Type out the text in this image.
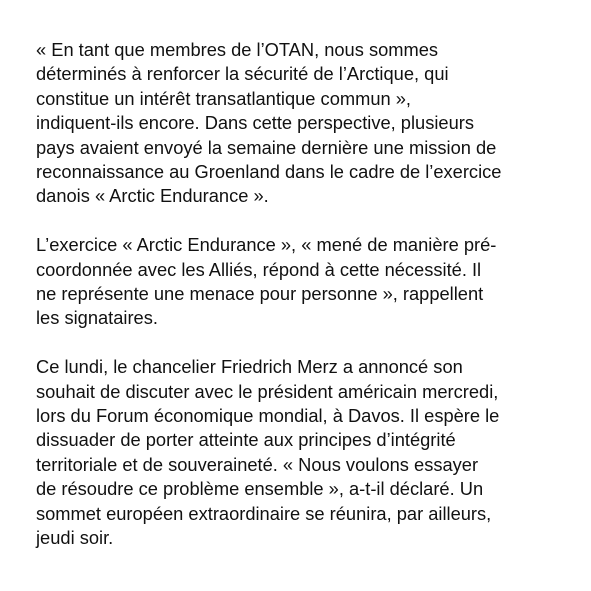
« En tant que membres de l’OTAN, nous sommes
déterminés à renforcer la sécurité de l’Arctique, qui
constitue un intérêt transatlantique commun »,
indiquent-ils encore. Dans cette perspective, plusieurs
pays avaient envoyé la semaine dernière une mission de
reconnaissance au Groenland dans le cadre de l’exercice
danois « Arctic Endurance ».

L’exercice « Arctic Endurance », « mené de manière pré-
coordonnée avec les Alliés, répond à cette nécessité. Il
ne représente une menace pour personne », rappellent
les signataires.

Ce lundi, le chancelier Friedrich Merz a annoncé son
souhait de discuter avec le président américain mercredi,
lors du Forum économique mondial, à Davos. Il espère le
dissuader de porter atteinte aux principes d’intégrité
territoriale et de souveraineté. « Nous voulons essayer
de résoudre ce problème ensemble », a-t-il déclaré. Un
sommet européen extraordinaire se réunira, par ailleurs,
jeudi soir.
